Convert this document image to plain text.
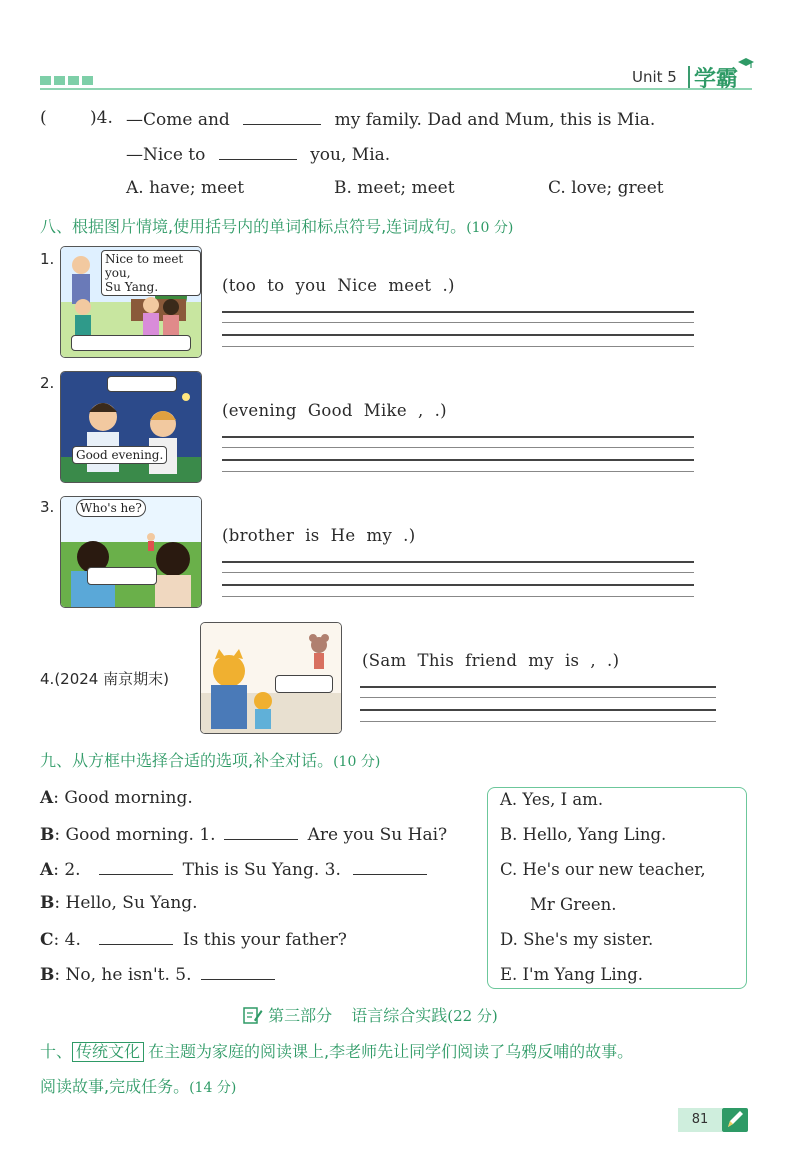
Unit 5 学霸
(	)4. —Come and	my family. Dad and Mum, this is Mia.
—Nice to	you, Mia.
A. have; meet	B. meet; meet	C. love; greet
八、根据图片情境,使用括号内的单词和标点符号,连词成句。(10 分)
1.	Nice to meet you,
Su Yang.	(too  to  you  Nice  meet  .)
2.
Good evening.
(evening  Good  Mike  ,  .)
3.	Who's he?
(brother  is  He  my  .)
4.(2024 南京期末)
(Sam  This  friend  my  is  ,  .)
九、从方框中选择合适的选项,补全对话。(10 分)
A: Good morning.
B: Good morning. 1.	Are you Su Hai?
A: 2.	This is Su Yang. 3.
B: Hello, Su Yang.
C: 4.	Is this your father?
B: No, he isn't. 5.
A. Yes, I am.
B. Hello, Yang Ling.
C. He's our new teacher,
Mr Green.
D. She's my sister.
E. I'm Yang Ling.
第三部分 语言综合实践(22 分)
十、 传统文化 在主题为家庭的阅读课上,李老师先让同学们阅读了乌鸦反哺的故事。
阅读故事,完成任务。(14 分)
81
